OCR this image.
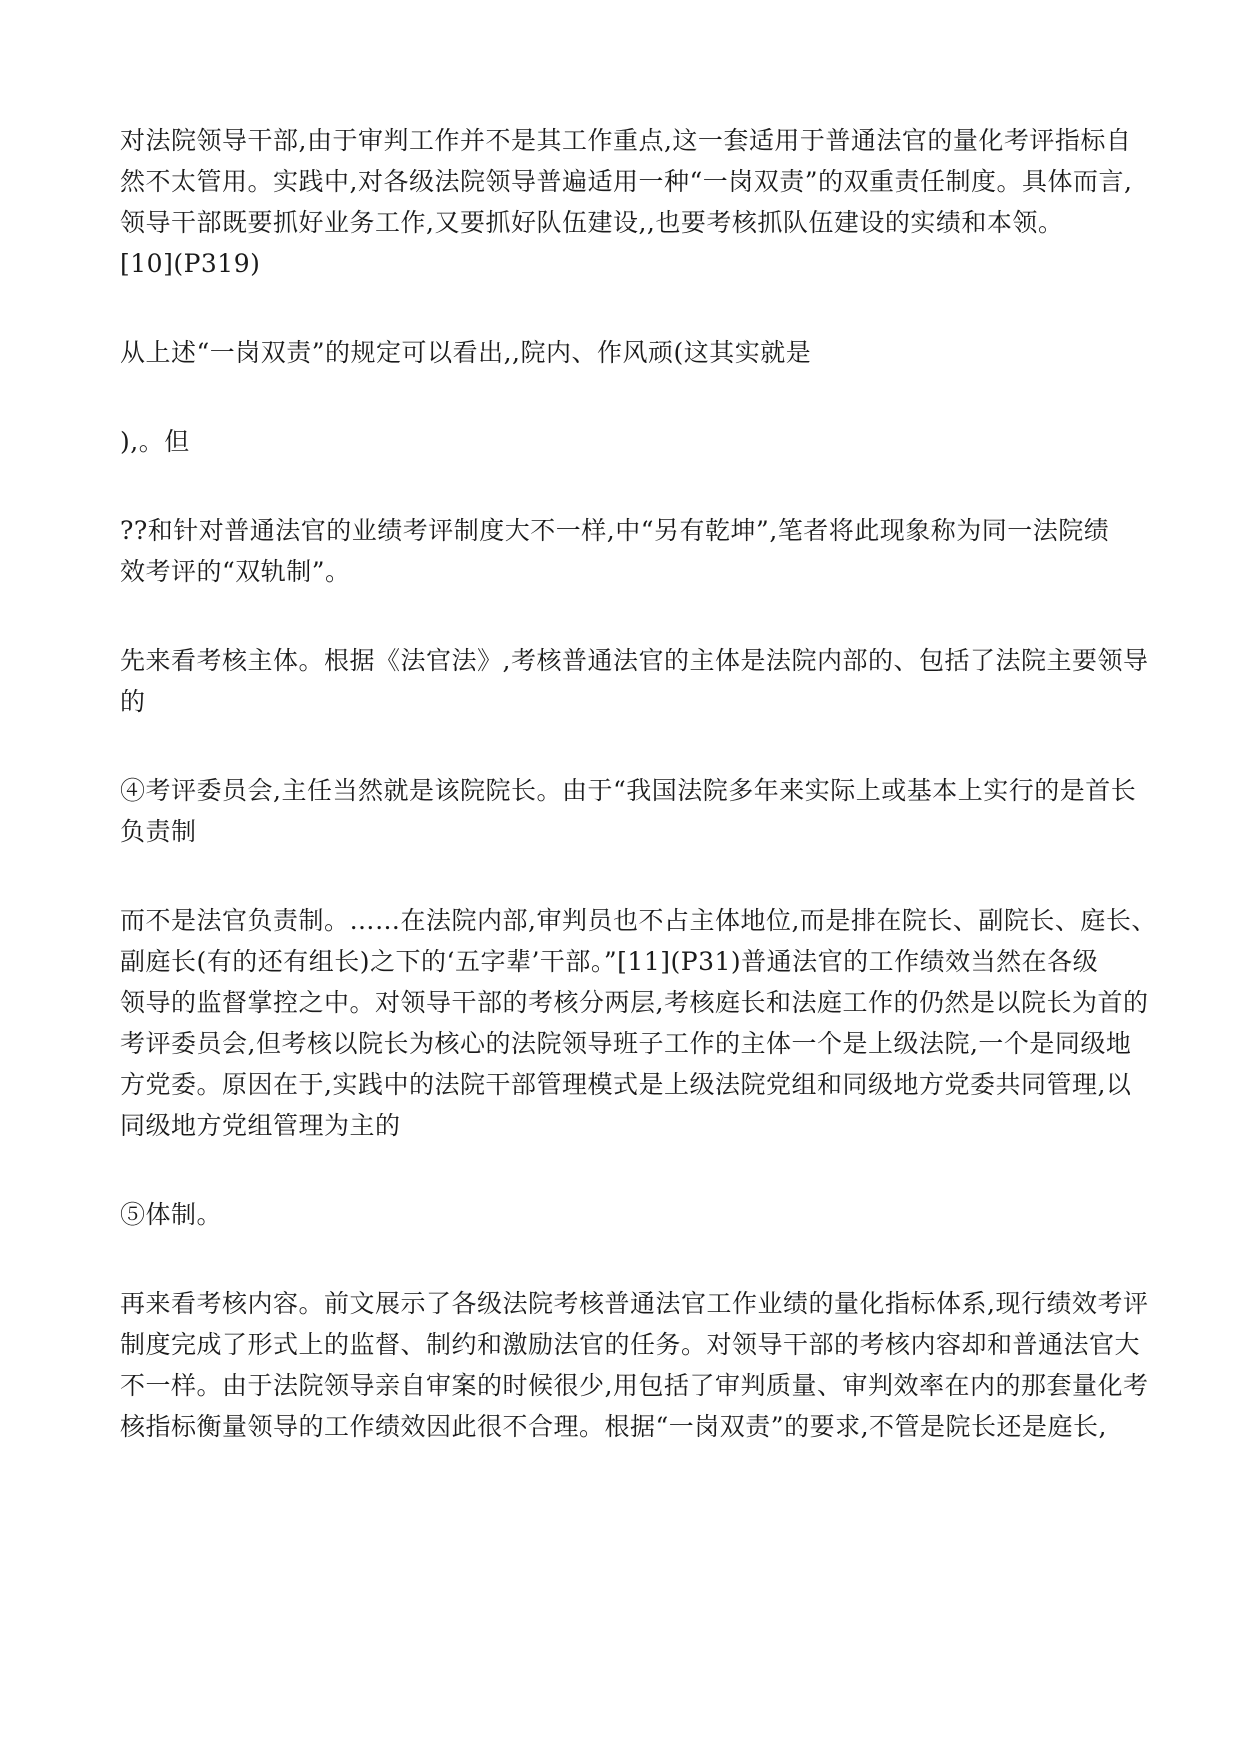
对法院领导干部,由于审判工作并不是其工作重点,这一套适用于普通法官的量化考评指标自
然不太管用。实践中,对各级法院领导普遍适用一种“一岗双责”的双重责任制度。具体而言,
领导干部既要抓好业务工作,又要抓好队伍建设,,也要考核抓队伍建设的实绩和本领。
[10](P319)
从上述“一岗双责”的规定可以看出,,院内、作风顽(这其实就是
),。但
??和针对普通法官的业绩考评制度大不一样,中“另有乾坤”,笔者将此现象称为同一法院绩
效考评的“双轨制”。
先来看考核主体。根据《法官法》,考核普通法官的主体是法院内部的、包括了法院主要领导
的
④考评委员会,主任当然就是该院院长。由于“我国法院多年来实际上或基本上实行的是首长
负责制
而不是法官负责制。……在法院内部,审判员也不占主体地位,而是排在院长、副院长、庭长、
副庭长(有的还有组长)之下的‘五字辈’干部。”[11](P31)普通法官的工作绩效当然在各级
领导的监督掌控之中。对领导干部的考核分两层,考核庭长和法庭工作的仍然是以院长为首的
考评委员会,但考核以院长为核心的法院领导班子工作的主体一个是上级法院,一个是同级地
方党委。原因在于,实践中的法院干部管理模式是上级法院党组和同级地方党委共同管理,以
同级地方党组管理为主的
⑤体制。
再来看考核内容。前文展示了各级法院考核普通法官工作业绩的量化指标体系,现行绩效考评
制度完成了形式上的监督、制约和激励法官的任务。对领导干部的考核内容却和普通法官大
不一样。由于法院领导亲自审案的时候很少,用包括了审判质量、审判效率在内的那套量化考
核指标衡量领导的工作绩效因此很不合理。根据“一岗双责”的要求,不管是院长还是庭长,
